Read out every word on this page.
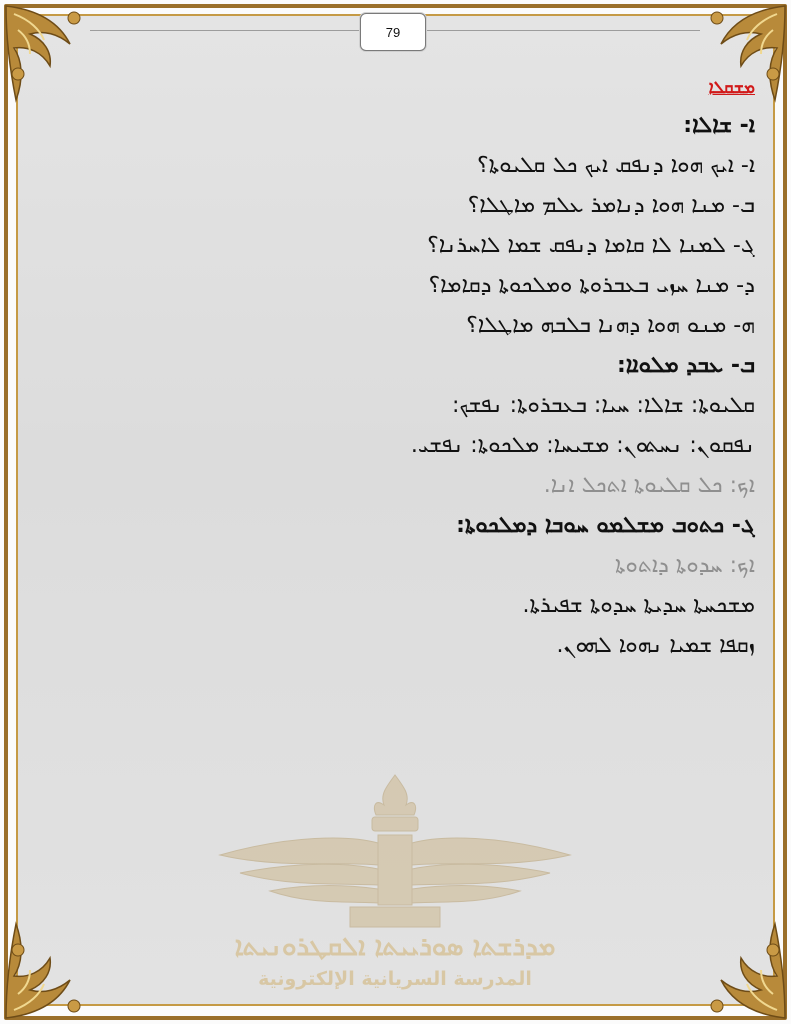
79
ܡܫܩܠܐ
ܐ- ܫܐܠܐ:
ܐ- ܐܝܟ ܗܘܐ ܕܢܦܩ ܐܝܟ ܟܠ ܩܠܝܘܬܐ؟
ܒ- ܡܢܐ ܗܘܐ ܕܢܐܡܪ ܥܠܡ ܡܐܛܠܐ؟
ܓ- ܠܡܢܐ ܠܐ ܩܐܡܐ ܕܢܦܩ ܫܡܐ ܠܐܚܪܢܐ؟
ܕ- ܡܢܐ ܚܙܝ ܒܥܒܪܘܬܐ ܘܡܠܟܘܬܐ ܕܩܐܡܐ؟
ܗ- ܡܢܘ ܗܘܐ ܕܗܢܐ ܒܠܒܗ ܡܐܛܠܐ؟
ܒ- ܥܒܕ ܡܠܘܐܐ:
ܩܠܝܘܬܐ: ܫܐܠܐ: ܚܝܐ: ܒܥܒܪܘܬܐ: ܢܦܫܟ:
ܢܦܩܘܢ: ܢܚܬܘܢ: ܡܫܝܚܐ: ܡܠܟܘܬܐ: ܢܦܫܝ.
ܐܟ: ܟܠ ܩܠܝܘܬܐ ܐܬܟܠ ܐܢܐ.
ܓ- ܟܬܘܒ ܡܫܠܡܘ ܚܘܒܐ ܕܡܠܟܘܬܐ:
ܐܟ: ܚܕܘܬܐ ܕܐܬܘܬܐ
ܡܫܟܚܬܐ ܚܕܝܬܐ ܚܕܘܬܐ ܫܦܝܪܬܐ.
ܙܩܦܐ ܫܡܝܐ ܢܗܘܐ ܠܗܘܢ.
ܡܕܪܫܬܐ ܣܘܪܝܝܬܐ ܐܠܩܛܪܘܢܝܬܐ
المدرسة السريانية الإلكترونية
